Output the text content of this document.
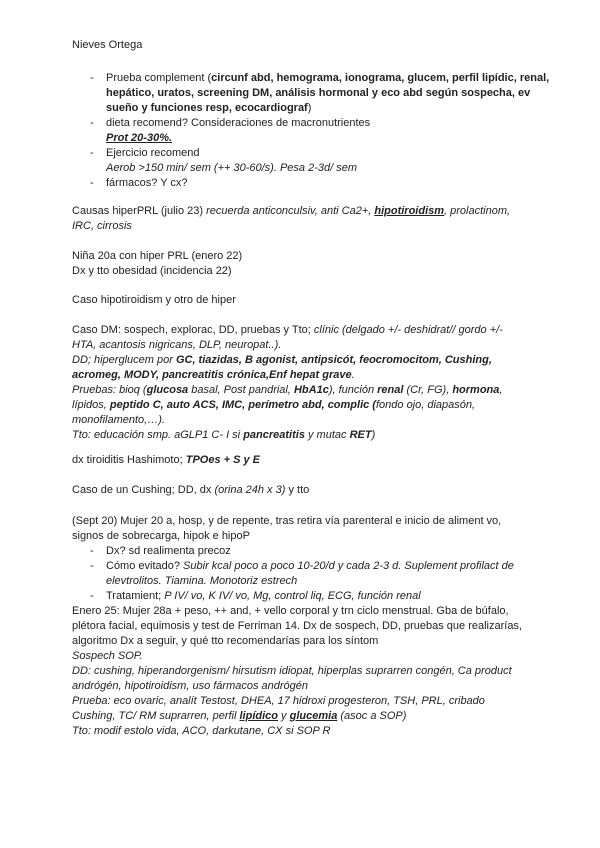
Nieves Ortega
- Prueba complement (circunf abd, hemograma, ionograma, glucem, perfil lipídic, renal, hepático, uratos, screening DM, análisis hormonal y eco abd según sospecha, ev sueño y funciones resp, ecocardiograf)
- dieta recomend? Consideraciones de macronutrientes
Prot 20-30%.
- Ejercicio recomend
Aerob >150 min/ sem (++ 30-60/s). Pesa 2-3d/ sem
- fármacos? Y cx?
Causas hiperPRL (julio 23) recuerda anticonculsiv, anti Ca2+, hipotiroidism, prolactinom,
IRC, cirrosis
Niña 20a con hiper PRL (enero 22)
Dx y tto obesidad (incidencia 22)
Caso hipotiroidism y otro de hiper
Caso DM: sospech, explorac, DD, pruebas y Tto; clínic (delgado +/- deshidrat// gordo +/-
HTA, acantosis nigricans, DLP, neuropat..).
DD; hiperglucem por GC, tiazidas, B agonist, antipsicót, feocromocitom, Cushing,
acromeg, MODY, pancreatitis crónica,Enf hepat grave.
Pruebas: bioq (glucosa basal, Post pandrial, HbA1c), función renal (Cr, FG), hormona,
lípidos, peptido C, auto ACS, IMC, perímetro abd, complic (fondo ojo, diapasón,
monofilamento,…).
Tto: educación smp. aGLP1 C- I si pancreatitis y mutac RET)
dx tiroiditis Hashimoto; TPOes + S y E
Caso de un Cushing; DD, dx (orina 24h x 3) y tto
(Sept 20) Mujer 20 a, hosp, y de repente, tras retira vía parenteral e inicio de aliment vo,
signos de sobrecarga, hipok e hipoP
- Dx? sd realimenta precoz
- Cómo evitado? Subir kcal poco a poco 10-20/d y cada 2-3 d. Suplement profilact de
elevtrolitos. Tiamina. Monotoriz estrech
- Tratamient; P IV/ vo, K IV/ vo, Mg, control liq, ECG, función renal
Enero 25: Mujer 28a + peso, ++ and, + vello corporal y trn ciclo menstrual. Gba de búfalo,
plétora facial, equimosis y test de Ferriman 14. Dx de sospech, DD, pruebas que realizarías,
algoritmo Dx a seguir, y qué tto recomendarías para los síntom
Sospech SOP.
DD: cushing, hiperandorgenism/ hirsutism idiopat, hiperplas suprarren congén, Ca product
andrógén, hipotiroidism, uso fármacos andrógén
Prueba: eco ovaric, analít Testost, DHEA, 17 hidroxi progesteron, TSH, PRL, cribado
Cushing, TC/ RM suprarren, perfil lipídico y glucemia (asoc a SOP)
Tto: modif estolo vida, ACO, darkutane, CX si SOP R
